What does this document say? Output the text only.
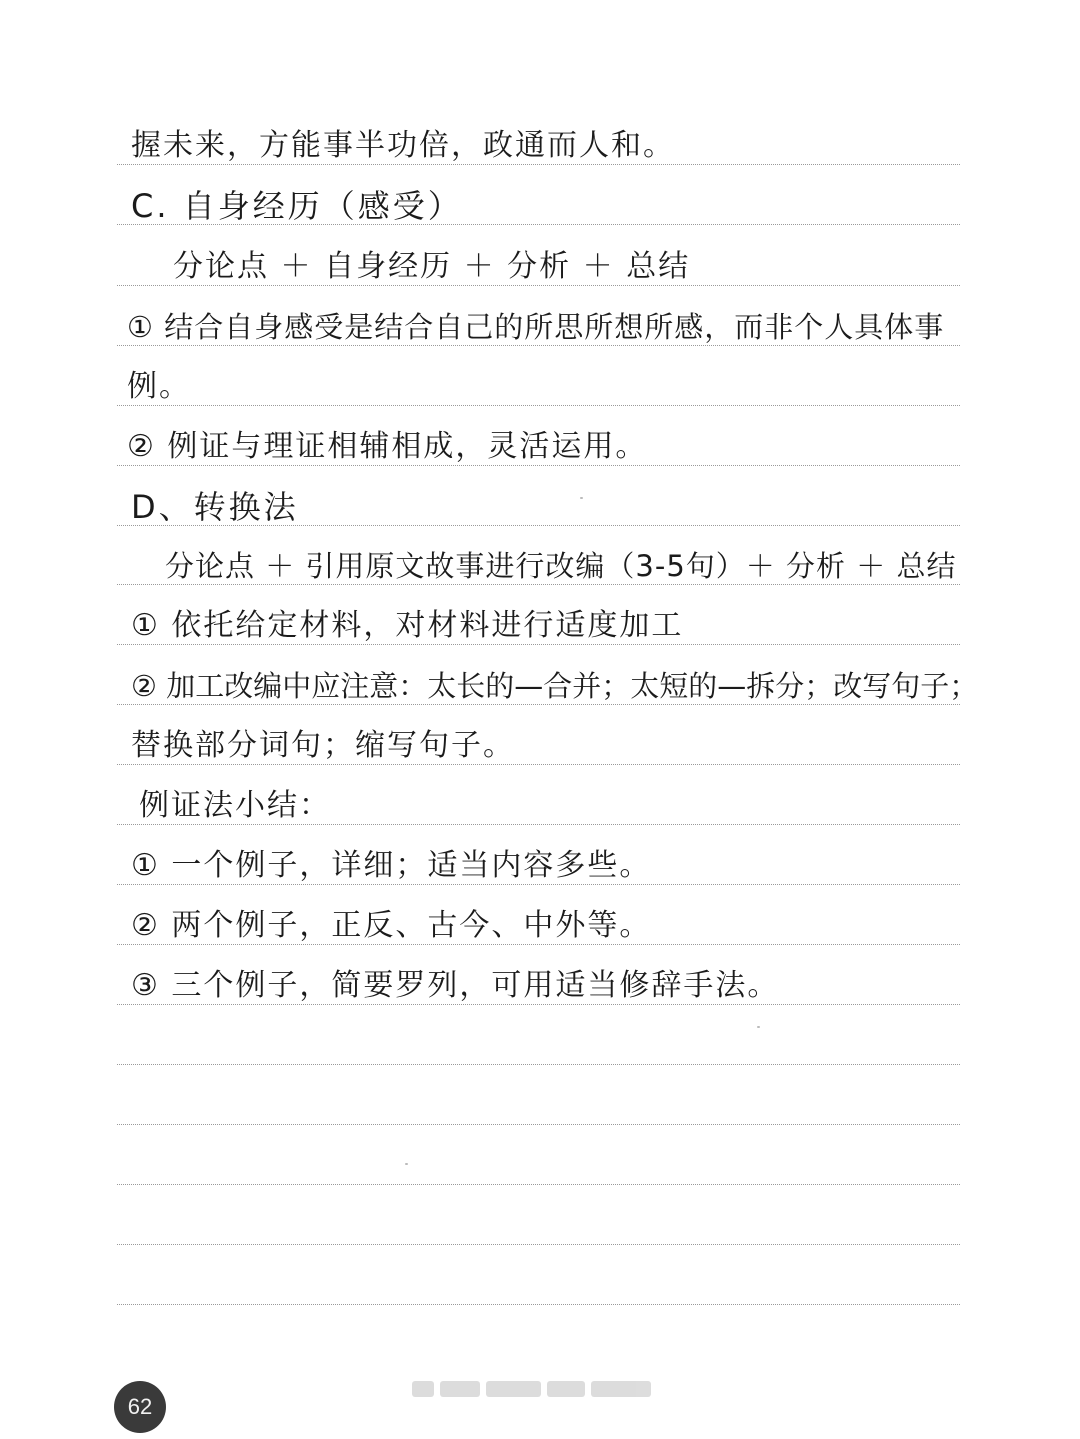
握未来，方能事半功倍，政通而人和。
C. 自身经历（感受）
分论点 ＋ 自身经历 ＋ 分析 ＋ 总结
① 结合自身感受是结合自己的所思所想所感，而非个人具体事
例。
② 例证与理证相辅相成，灵活运用。
D、转换法
分论点 ＋ 引用原文故事进行改编（3-5句）＋ 分析 ＋ 总结
① 依托给定材料，对材料进行适度加工
② 加工改编中应注意：太长的—合并；太短的—拆分；改写句子；
替换部分词句；缩写句子。
例证法小结：
① 一个例子，详细；适当内容多些。
② 两个例子，正反、古今、中外等。
③ 三个例子，简要罗列，可用适当修辞手法。
62
